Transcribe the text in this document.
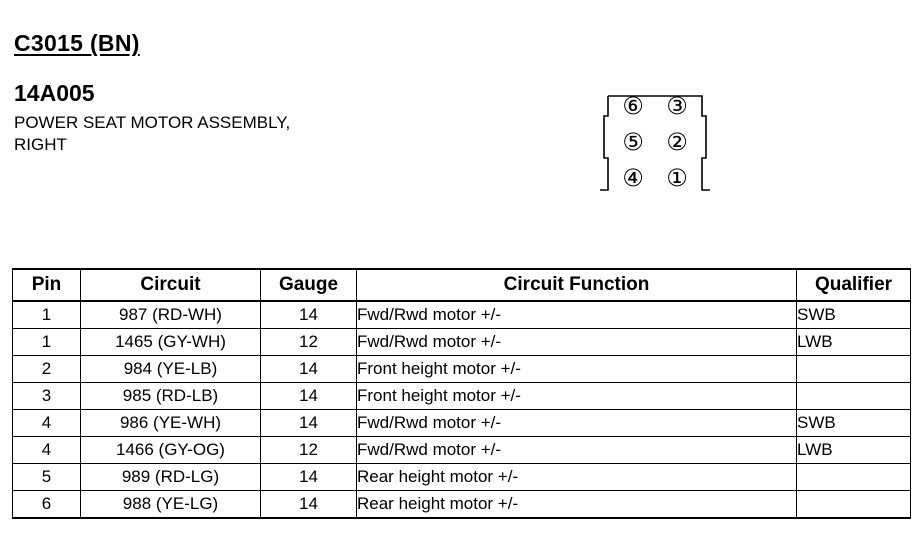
C3015 (BN)
14A005
POWER SEAT MOTOR ASSEMBLY,
RIGHT
⑥ ③
⑤ ②
④ ①
Pin	Circuit	Gauge	Circuit Function	Qualifier
1	987 (RD-WH)	14	Fwd/Rwd motor +/-	SWB
1	1465 (GY-WH)	12	Fwd/Rwd motor +/-	LWB
2	984 (YE-LB)	14	Front height motor +/-	
3	985 (RD-LB)	14	Front height motor +/-	
4	986 (YE-WH)	14	Fwd/Rwd motor +/-	SWB
4	1466 (GY-OG)	12	Fwd/Rwd motor +/-	LWB
5	989 (RD-LG)	14	Rear height motor +/-	
6	988 (YE-LG)	14	Rear height motor +/-	
